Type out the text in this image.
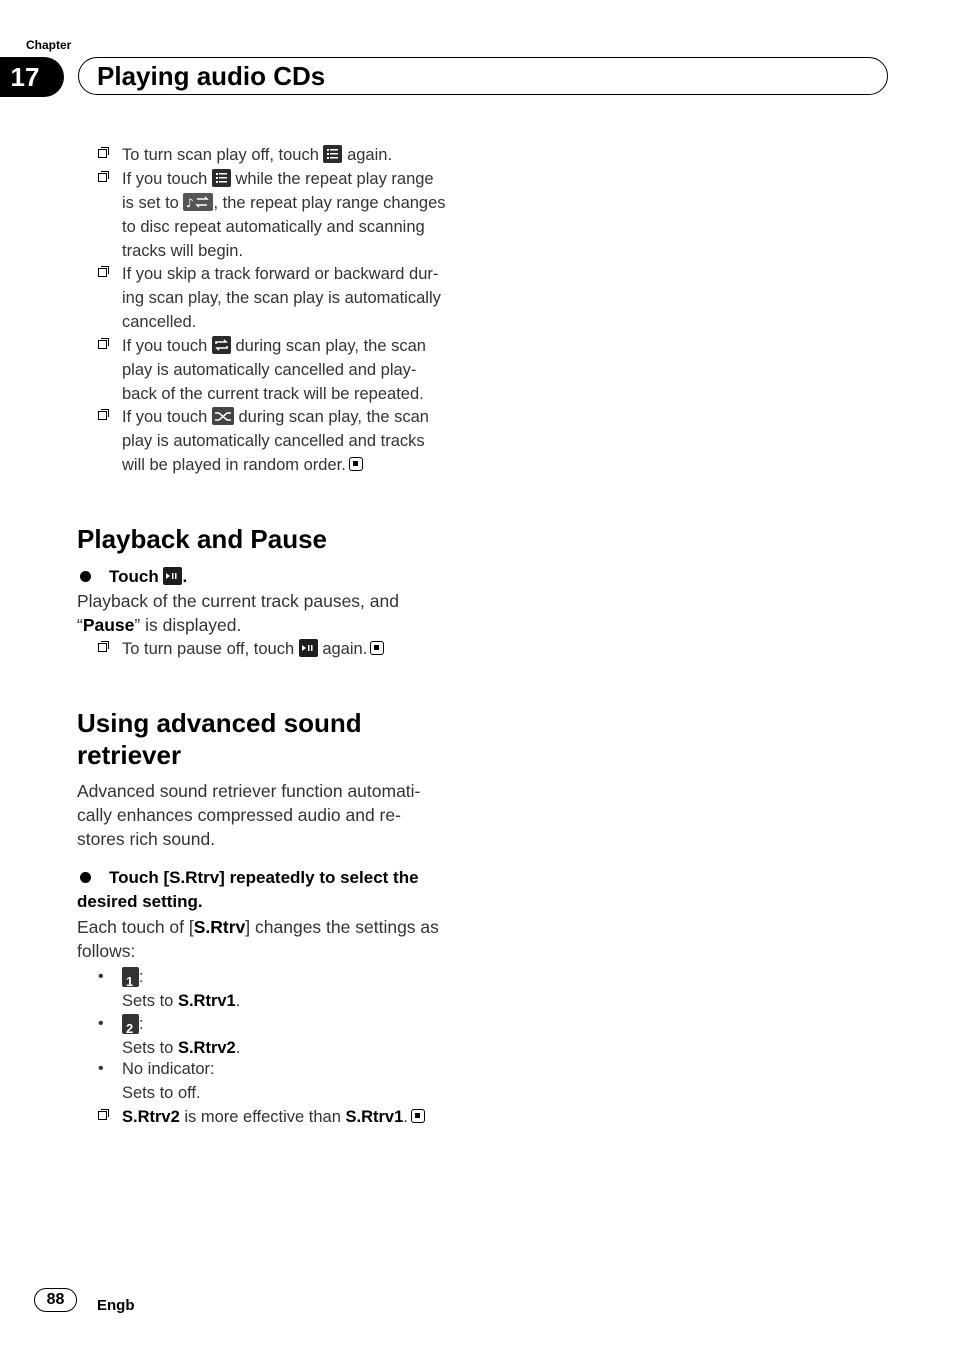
Chapter
17	Playing audio CDs
To turn scan play off, touch
again.
If you touch
while the repeat play range
is set to ♪ , the repeat play range changes
to disc repeat automatically and scanning
tracks will begin.
If you skip a track forward or backward dur-
ing scan play, the scan play is automatically
cancelled.
If you touch
during scan play, the scan
play is automatically cancelled and play-
back of the current track will be repeated.
If you touch
during scan play, the scan
play is automatically cancelled and tracks
will be played in random order.
Playback and Pause
Touch .
Playback of the current track pauses, and
“Pause” is displayed.
To turn pause off, touch
again.
Using advanced sound
retriever
Advanced sound retriever function automati-
cally enhances compressed audio and re-
stores rich sound.
Touch [S.Rtrv] repeatedly to select the
desired setting.
Each touch of [S.Rtrv] changes the settings as
follows:
• 1 :
Sets to S.Rtrv1.
• 2 :
Sets to S.Rtrv2.
• No indicator:
Sets to off.
S.Rtrv2 is more effective than S.Rtrv1.
88	Engb
